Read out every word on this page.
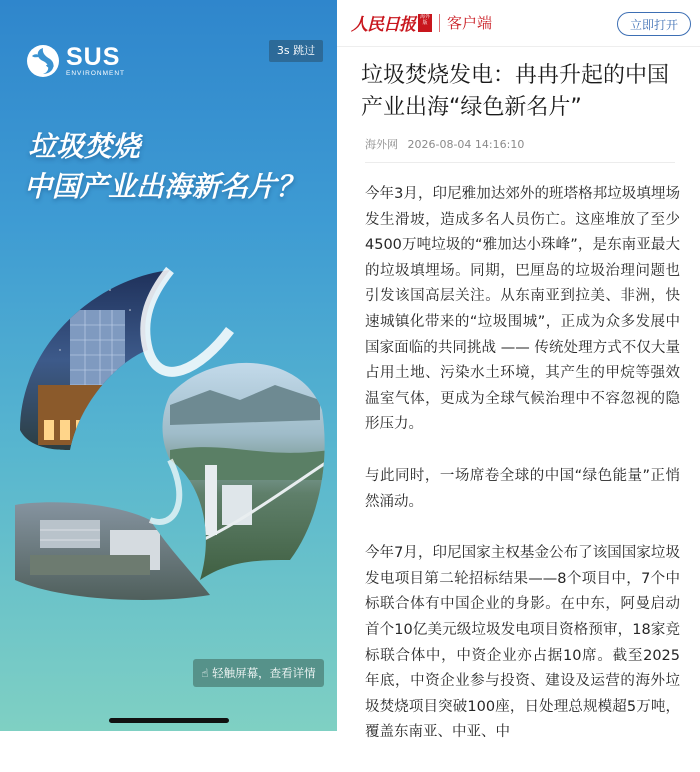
SUS
ENVIRONMENT
3s 跳过
垃圾焚烧
中国产业出海新名片？
☝ 轻触屏幕，查看详情
人民日报 海外版	客户端	立即打开
垃圾焚烧发电：冉冉升起的中国产业出海“绿色新名片”
海外网 2026-08-04 14:16:10

今年3月，印尼雅加达郊外的班塔格邦垃圾填埋场发生滑坡，造成多名人员伤亡。这座堆放了至少4500万吨垃圾的“雅加达小珠峰”，是东南亚最大的垃圾填埋场。同期，巴厘岛的垃圾治理问题也引发该国高层关注。从东南亚到拉美、非洲，快速城镇化带来的“垃圾围城”，正成为众多发展中国家面临的共同挑战 —— 传统处理方式不仅大量占用土地、污染水土环境，其产生的甲烷等强效温室气体，更成为全球气候治理中不容忽视的隐形压力。

与此同时，一场席卷全球的中国“绿色能量”正悄然涌动。

今年7月，印尼国家主权基金公布了该国国家垃圾发电项目第二轮招标结果——8个项目中，7个中标联合体有中国企业的身影。在中东，阿曼启动首个10亿美元级垃圾发电项目资格预审，18家竞标联合体中，中资企业亦占据10席。截至2025年底，中资企业参与投资、建设及运营的海外垃圾焚烧项目突破100座，日处理总规模超5万吨，覆盖东南亚、中亚、中
